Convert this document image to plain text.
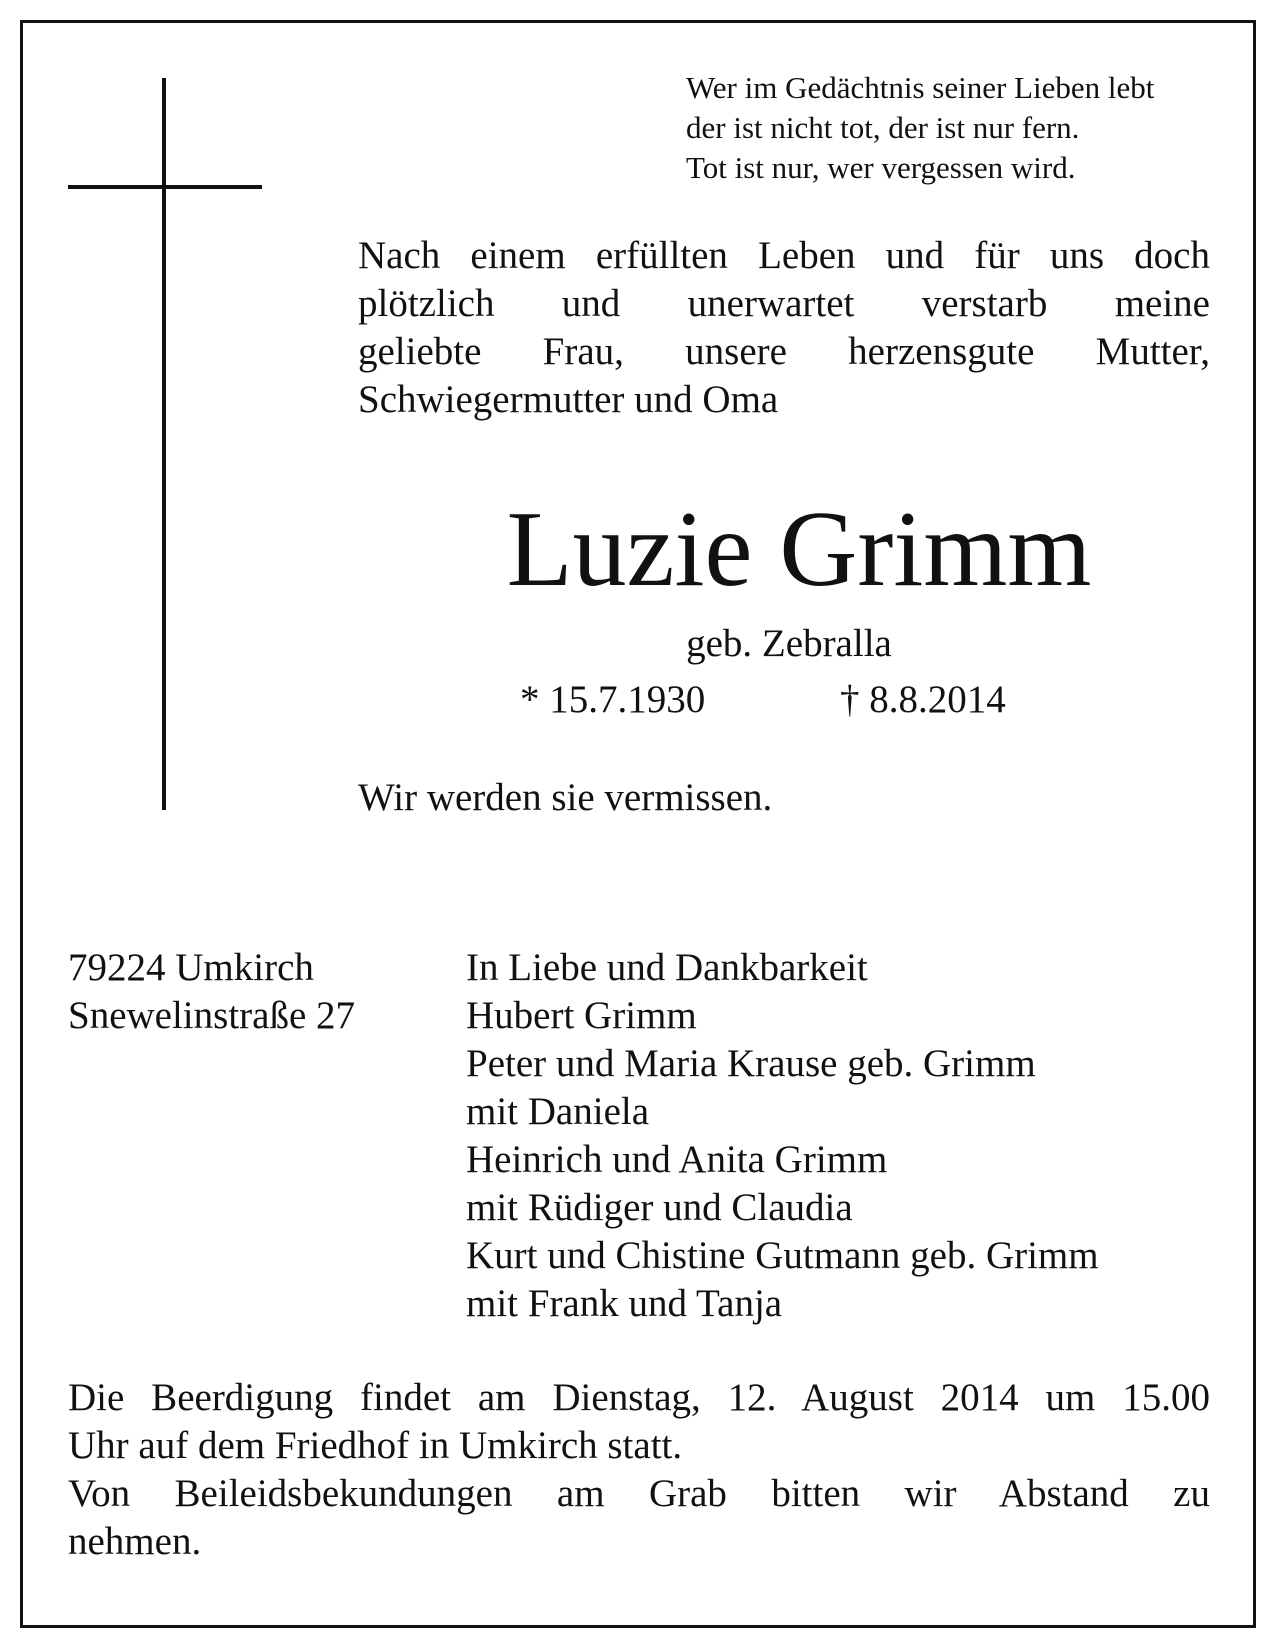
Wer im Gedächtnis seiner Lieben lebt
der ist nicht tot, der ist nur fern.
Tot ist nur, wer vergessen wird.
Nach einem erfüllten Leben und für uns doch
plötzlich und unerwartet verstarb meine
geliebte Frau, unsere herzensgute Mutter,
Schwiegermutter und Oma
Luzie Grimm
geb. Zebralla
* 15.7.1930	† 8.8.2014
Wir werden sie vermissen.
79224 Umkirch
Snewelinstraße 27
In Liebe und Dankbarkeit
Hubert Grimm
Peter und Maria Krause geb. Grimm
mit Daniela
Heinrich und Anita Grimm
mit Rüdiger und Claudia
Kurt und Chistine Gutmann geb. Grimm
mit Frank und Tanja
Die Beerdigung findet am Dienstag, 12. August 2014 um 15.00
Uhr auf dem Friedhof in Umkirch statt.
Von Beileidsbekundungen am Grab bitten wir Abstand zu
nehmen.
